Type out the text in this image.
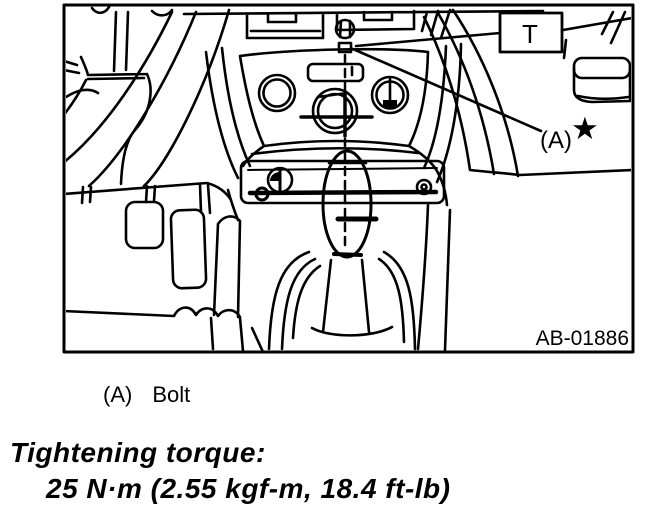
T
(A) ★
AB-01886
(A) Bolt
Tightening torque:
25 N·m (2.55 kgf-m, 18.4 ft-lb)
